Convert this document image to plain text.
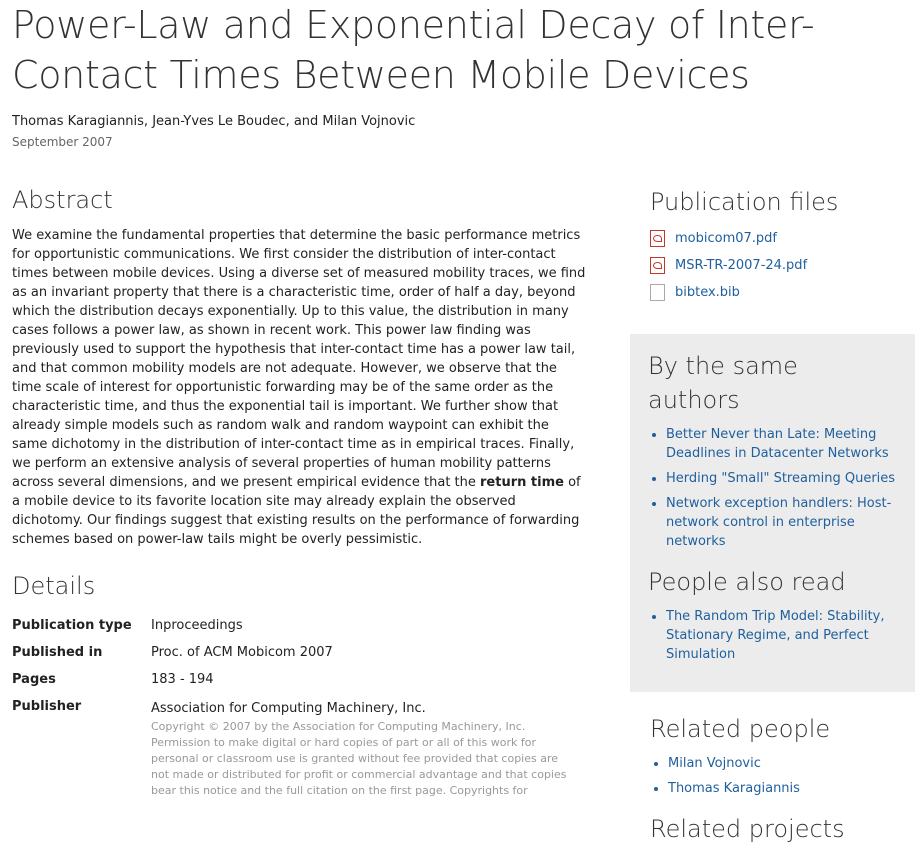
Power-Law and Exponential Decay of Inter-Contact Times Between Mobile Devices
Thomas Karagiannis, Jean-Yves Le Boudec, and Milan Vojnovic
September 2007
Abstract

We examine the fundamental properties that determine the basic performance metrics for opportunistic communications. We first consider the distribution of inter-contact times between mobile devices. Using a diverse set of measured mobility traces, we find as an invariant property that there is a characteristic time, order of half a day, beyond which the distribution decays exponentially. Up to this value, the distribution in many cases follows a power law, as shown in recent work. This power law finding was previously used to support the hypothesis that inter-contact time has a power law tail, and that common mobility models are not adequate. However, we observe that the time scale of interest for opportunistic forwarding may be of the same order as the characteristic time, and thus the exponential tail is important. We further show that already simple models such as random walk and random waypoint can exhibit the same dichotomy in the distribution of inter-contact time as in empirical traces. Finally, we perform an extensive analysis of several properties of human mobility patterns across several dimensions, and we present empirical evidence that the return time of a mobile device to its favorite location site may already explain the observed dichotomy. Our findings suggest that existing results on the performance of forwarding schemes based on power-law tails might be overly pessimistic.

Details
Publication type	Inproceedings
Published in	Proc. of ACM Mobicom 2007
Pages	183 - 194
Publisher	Association for Computing Machinery, Inc.
Copyright © 2007 by the Association for Computing Machinery, Inc. Permission to make digital or hard copies of part or all of this work for personal or classroom use is granted without fee provided that copies are not made or distributed for profit or commercial advantage and that copies bear this notice and the full citation on the first page. Copyrights for
Publication files
mobicom07.pdf
MSR-TR-2007-24.pdf
bibtex.bib
By the same authors
• Better Never than Late: Meeting Deadlines in Datacenter Networks
• Herding "Small" Streaming Queries
• Network exception handlers: Host-network control in enterprise networks
People also read
• The Random Trip Model: Stability, Stationary Regime, and Perfect Simulation
Related people
• Milan Vojnovic
• Thomas Karagiannis
Related projects
